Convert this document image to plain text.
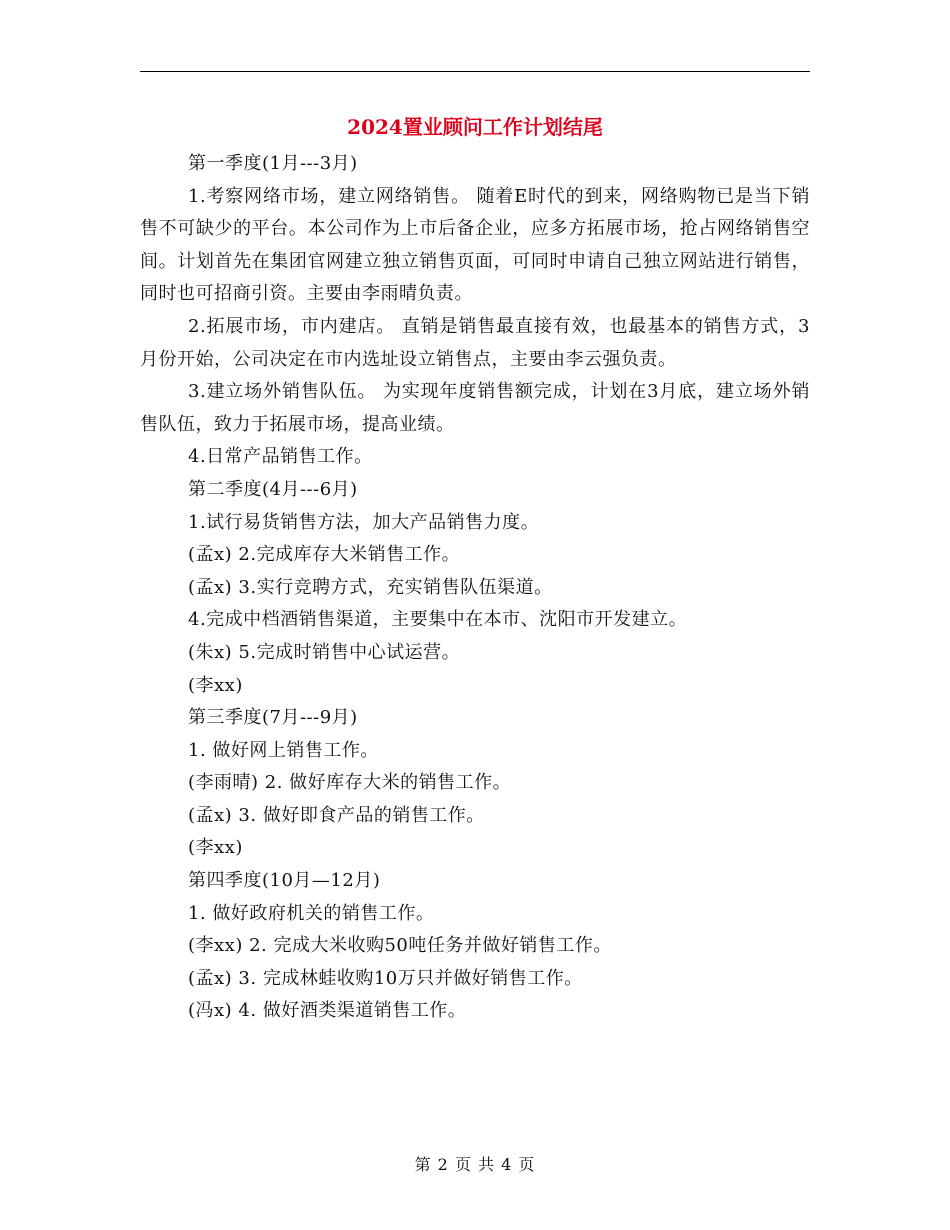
2024置业顾问工作计划结尾

第一季度(1月---3月)

1.考察网络市场，建立网络销售。 随着E时代的到来，网络购物已是当下销售不可缺少的平台。本公司作为上市后备企业，应多方拓展市场，抢占网络销售空间。计划首先在集团官网建立独立销售页面，可同时申请自己独立网站进行销售，同时也可招商引资。主要由李雨晴负责。

2.拓展市场，市内建店。 直销是销售最直接有效，也最基本的销售方式，3月份开始，公司决定在市内选址设立销售点，主要由李云强负责。

3.建立场外销售队伍。 为实现年度销售额完成，计划在3月底，建立场外销售队伍，致力于拓展市场，提高业绩。

4.日常产品销售工作。

第二季度(4月---6月)

1.试行易货销售方法，加大产品销售力度。

(孟x) 2.完成库存大米销售工作。

(孟x) 3.实行竞聘方式，充实销售队伍渠道。

4.完成中档酒销售渠道，主要集中在本市、沈阳市开发建立。

(朱x) 5.完成时销售中心试运营。

(李xx)

第三季度(7月---9月)

1. 做好网上销售工作。

(李雨晴) 2. 做好库存大米的销售工作。

(孟x) 3. 做好即食产品的销售工作。

(李xx)

第四季度(10月—12月)

1. 做好政府机关的销售工作。

(李xx) 2. 完成大米收购50吨任务并做好销售工作。

(孟x) 3. 完成林蛙收购10万只并做好销售工作。

(冯x) 4. 做好酒类渠道销售工作。

第 2 页 共 4 页
